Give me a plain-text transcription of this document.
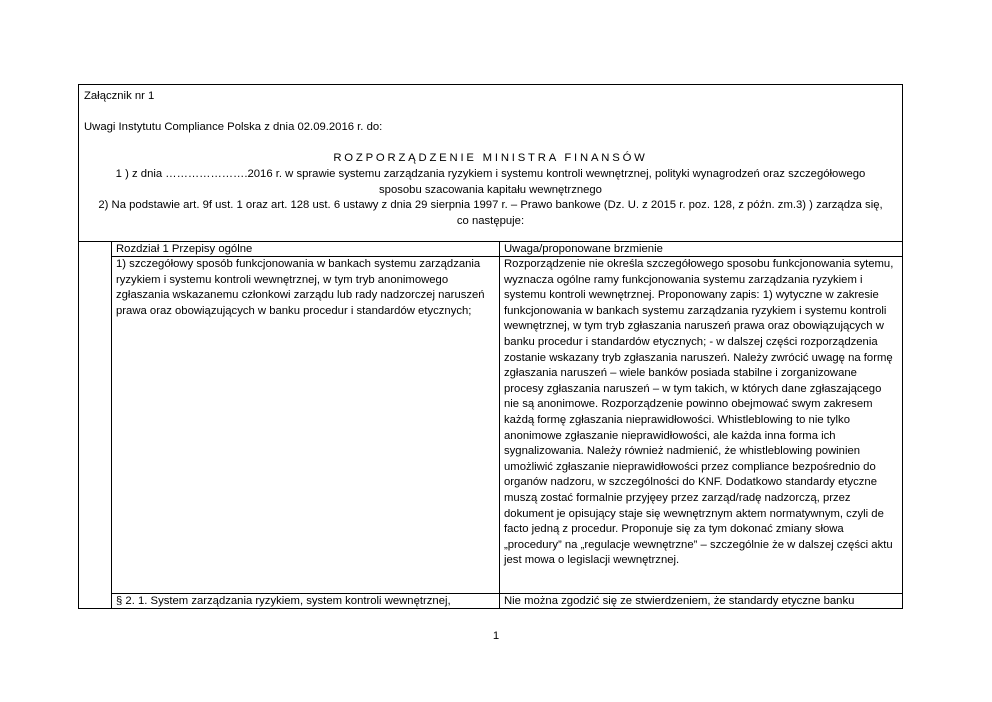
Załącznik nr 1

Uwagi Instytutu Compliance Polska z dnia 02.09.2016 r. do:

ROZPORZĄDZENIE MINISTRA FINANSÓW

1 ) z dnia ………………….2016 r. w sprawie systemu zarządzania ryzykiem i systemu kontroli wewnętrznej, polityki wynagrodzeń oraz szczegółowego

sposobu szacowania kapitału wewnętrznego

2) Na podstawie art. 9f ust. 1 oraz art. 128 ust. 6 ustawy z dnia 29 sierpnia 1997 r. – Prawo bankowe (Dz. U. z 2015 r. poz. 128, z późn. zm.3) ) zarządza się,

co następuje:

Rozdział 1 Przepisy ogólne
1) szczegółowy sposób funkcjonowania w bankach systemu zarządzania ryzykiem i systemu kontroli wewnętrznej, w tym tryb anonimowego zgłaszania wskazanemu członkowi zarządu lub rady nadzorczej naruszeń prawa oraz obowiązujących w banku procedur i standardów etycznych;
§ 2. 1. System zarządzania ryzykiem, system kontroli wewnętrznej,
Uwaga/proponowane brzmienie
Rozporządzenie nie określa szczegółowego sposobu funkcjonowania sytemu, wyznacza ogólne ramy funkcjonowania systemu zarządzania ryzykiem i systemu kontroli wewnętrznej. Proponowany zapis: 1) wytyczne w zakresie funkcjonowania w bankach systemu zarządzania ryzykiem i systemu kontroli wewnętrznej, w tym tryb zgłaszania naruszeń prawa oraz obowiązujących w banku procedur i standardów etycznych; - w dalszej części rozporządzenia zostanie wskazany tryb zgłaszania naruszeń. Należy zwrócić uwagę na formę zgłaszania naruszeń – wiele banków posiada stabilne i zorganizowane procesy zgłaszania naruszeń – w tym takich, w których dane zgłaszającego nie są anonimowe. Rozporządzenie powinno obejmować swym zakresem każdą formę zgłaszania nieprawidłowości. Whistleblowing to nie tylko anonimowe zgłaszanie nieprawidłowości, ale każda inna forma ich sygnalizowania. Należy również nadmienić, że whistleblowing powinien umożliwić zgłaszanie nieprawidłowości przez compliance bezpośrednio do organów nadzoru, w szczególności do KNF. Dodatkowo standardy etyczne muszą zostać formalnie przyjęey przez zarząd/radę nadzorczą, przez dokument je opisujący staje się wewnętrznym aktem normatywnym, czyli de facto jedną z procedur. Proponuje się za tym dokonać zmiany słowa „procedury” na „regulacje wewnętrzne” – szczególnie że w dalszej części aktu jest mowa o legislacji wewnętrznej.
Nie można zgodzić się ze stwierdzeniem, że standardy etyczne banku
1
